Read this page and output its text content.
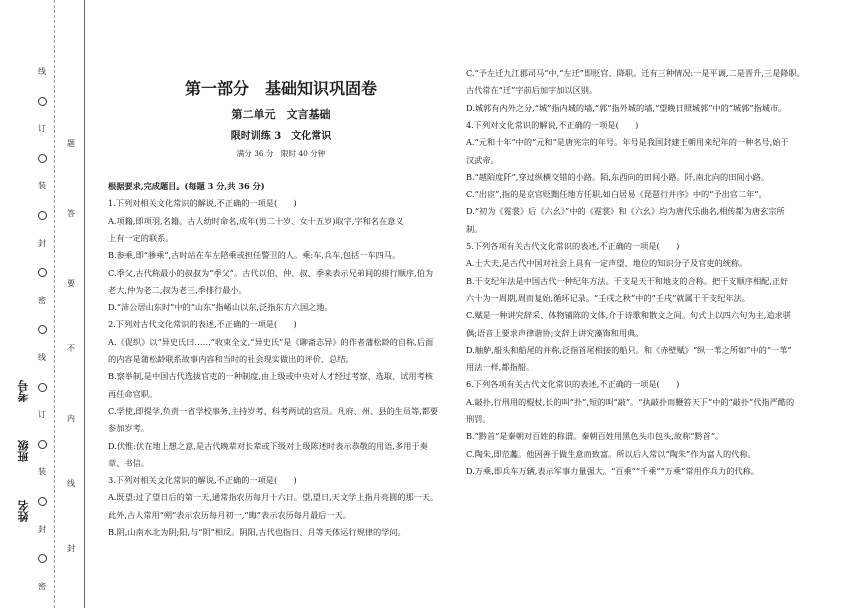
线
订
装
封
密
线
订
装
封
密
题
答
要
不
内
线
封
考号
班级
姓名
第一部分　基础知识巩固卷
第二单元　文言基础
限时训练 3　文化常识
满分 36 分　限时 40 分钟
根据要求,完成题目。(每题 3 分,共 36 分)
1.下列对相关文化常识的解说,不正确的一项是(　　)
A.项籍,即项羽,名籍。古人幼时命名,成年(男二十岁、女十五岁)取字,字和名在意义
上有一定的联系。
B.参乘,即“骖乘”,古时站在车左陪乘或担任警卫的人。乘:车,兵车,包括一车四马。
C.季父,古代称最小的叔叔为“季父”。古代以伯、仲、叔、季来表示兄弟间的排行顺序,伯为
老大,仲为老二,叔为老三,季排行最小。
D.“沛公居山东时”中的“山东”指崤山以东,泛指东方六国之地。
2.下列对古代文化常识的表述,不正确的一项是(　　)
A.《促织》以“异史氏曰……”收束全文,“异史氏”是《聊斋志异》的作者蒲松龄的自称,后面
的内容是蒲松龄联系故事内容和当时的社会现实做出的评价、总结。
B.察举制,是中国古代选拔官吏的一种制度,由上级或中央对人才经过考察、选取、试用考核
再任命官职。
C.学使,即提学,负责一省学校事务,主持岁考、科考两试的官员。凡府、州、县的生员等,都要
参加岁考。
D.伏惟:伏在地上想之意,是古代晚辈对长辈或下级对上级陈述时表示恭敬的用语,多用于奏
章、书信。
3.下列对相关文化常识的解说,不正确的一项是(　　)
A.既望:过了望日后的第一天,通常指农历每月十六日。望,望日,天文学上指月亮圆的那一天。
此外,古人常用“朔”表示农历每月初一,“晦”表示农历每月最后一天。
B.阴,山南水北为阴;阳,与“阴”相反。阴阳,古代也指日、月等天体运行规律的学问。
C.“予左迁九江郡司马”中,“左迁”即贬官、降职。迁有三种情况:一是平调,二是晋升,三是降职。
古代常在“迁”字前后加字加以区别。
D.城郭有内外之分,“城”指内城的墙,“郭”指外城的墙,“望晚日照城郭”中的“城郭”指城市。
4.下列对文化常识的解说,不正确的一项是(　　)
A.“元和十年”中的“元和”是唐宪宗的年号。年号是我国封建王朝用来纪年的一种名号,始于
汉武帝。
B.“越陌度阡”,穿过纵横交错的小路。陌,东西向的田间小路。阡,南北向的田间小路。
C.“出宦”,指的是京官贬黜任地方任职,如白居易《琵琶行并序》中的“予出官二年”。
D.“初为《霓裳》后《六幺》”中的《霓裳》和《六幺》均为唐代乐曲名,相传都为唐玄宗所
制。
5.下列各项有关古代文化常识的表述,不正确的一项是(　　)
A.士大夫,是古代中国对社会上具有一定声望、地位的知识分子及官吏的统称。
B.干支纪年法是中国古代一种纪年方法。干支是天干和地支的合称。把干支顺序相配,正好
六十为一周期,周而复始,循环记录。“壬戌之秋”中的“壬戌”就属于干支纪年法。
C.赋是一种讲究辞采、体物铺陈的文体,介于诗歌和散文之间。句式上以四六句为主,追求骈
偶;语音上要求声律谐协;文辞上讲究藻饰和用典。
D.舳舻,船头和船尾的并称,泛指首尾相接的船只。和《赤壁赋》“纵一苇之所如”中的“一苇”
用法一样,都指船。
6.下列各项有关古代文化常识的表述,不正确的一项是(　　)
A.敲扑,行刑用的棍杖,长的叫“扑”,短的叫“敲”。“执敲扑而鞭笞天下”中的“敲扑”代指严酷的
刑罚。
B.“黔首”是秦朝对百姓的称谓。秦朝百姓用黑色头巾包头,故称“黔首”。
C.陶朱,即范蠡。他因善于做生意而致富。所以后人常以“陶朱”作为富人的代称。
D.万乘,即兵车万辆,表示军事力量强大。“百乘”“千乘”“万乘”常用作兵力的代称。
